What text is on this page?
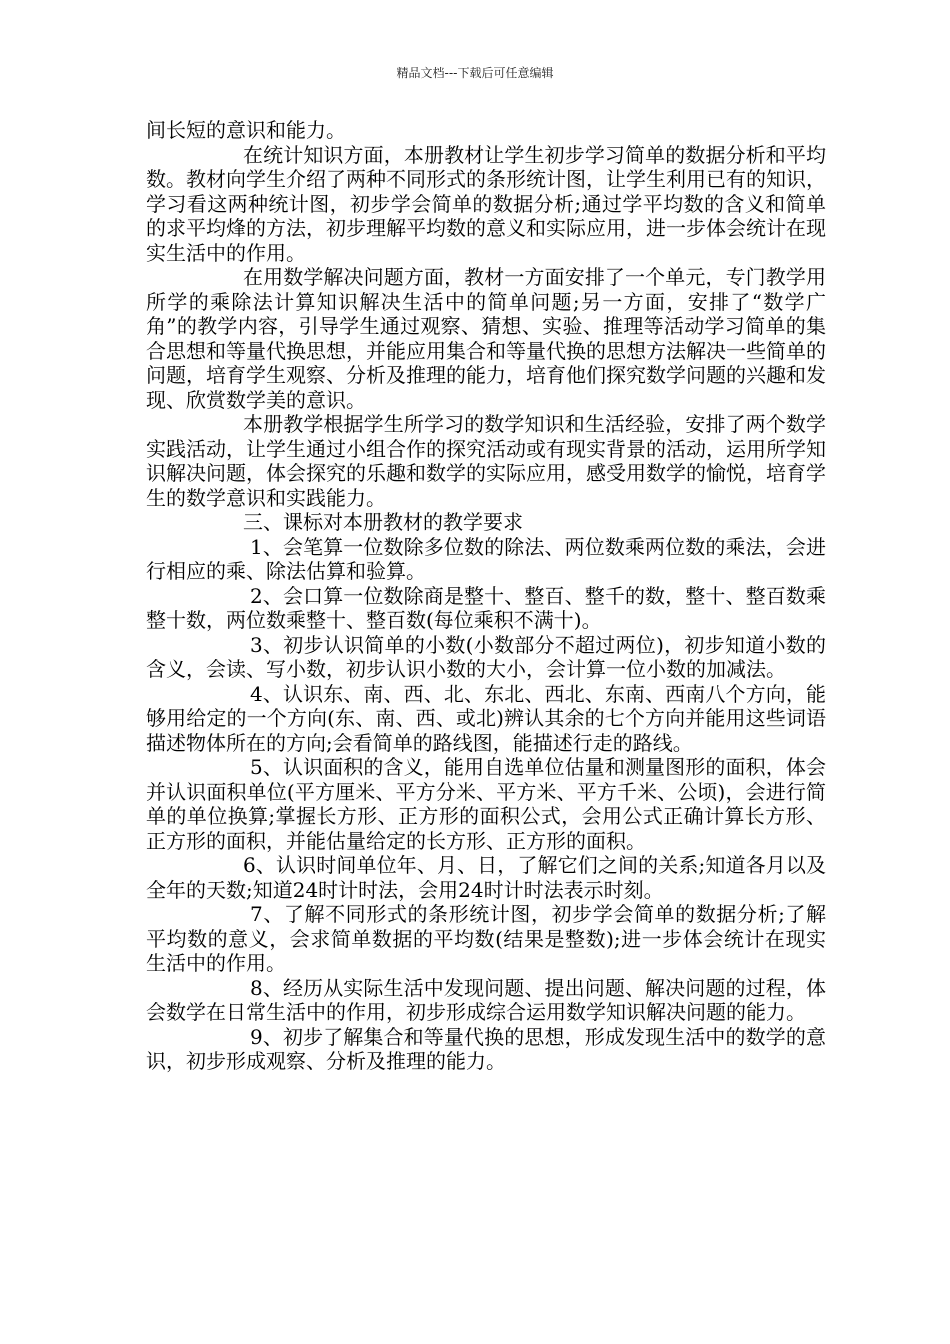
精品文档---下载后可任意编辑

间长短的意识和能力。

在统计知识方面，本册教材让学生初步学习简单的数据分析和平均数。教材向学生介绍了两种不同形式的条形统计图，让学生利用已有的知识，学习看这两种统计图，初步学会简单的数据分析;通过学平均数的含义和简单的求平均烽的方法，初步理解平均数的意义和实际应用，进一步体会统计在现实生活中的作用。

在用数学解决问题方面，教材一方面安排了一个单元，专门教学用所学的乘除法计算知识解决生活中的简单问题;另一方面，安排了“数学广角”的教学内容，引导学生通过观察、猜想、实验、推理等活动学习简单的集合思想和等量代换思想，并能应用集合和等量代换的思想方法解决一些简单的问题，培育学生观察、分析及推理的能力，培育他们探究数学问题的兴趣和发现、欣赏数学美的意识。

本册教学根据学生所学习的数学知识和生活经验，安排了两个数学实践活动，让学生通过小组合作的探究活动或有现实背景的活动，运用所学知识解决问题，体会探究的乐趣和数学的实际应用，感受用数学的愉悦，培育学生的数学意识和实践能力。

三、课标对本册教材的教学要求

1、会笔算一位数除多位数的除法、两位数乘两位数的乘法，会进行相应的乘、除法估算和验算。

2、会口算一位数除商是整十、整百、整千的数，整十、整百数乘整十数，两位数乘整十、整百数(每位乘积不满十)。

3、初步认识简单的小数(小数部分不超过两位)，初步知道小数的含义，会读、写小数，初步认识小数的大小，会计算一位小数的加减法。

4、认识东、南、西、北、东北、西北、东南、西南八个方向，能够用给定的一个方向(东、南、西、或北)辨认其余的七个方向并能用这些词语描述物体所在的方向;会看简单的路线图，能描述行走的路线。

5、认识面积的含义，能用自选单位估量和测量图形的面积，体会并认识面积单位(平方厘米、平方分米、平方米、平方千米、公顷)，会进行简单的单位换算;掌握长方形、正方形的面积公式，会用公式正确计算长方形、正方形的面积，并能估量给定的长方形、正方形的面积。

6、认识时间单位年、月、日，了解它们之间的关系;知道各月以及全年的天数;知道24时计时法，会用24时计时法表示时刻。

7、了解不同形式的条形统计图，初步学会简单的数据分析;了解平均数的意义，会求简单数据的平均数(结果是整数);进一步体会统计在现实生活中的作用。

8、经历从实际生活中发现问题、提出问题、解决问题的过程，体会数学在日常生活中的作用，初步形成综合运用数学知识解决问题的能力。

9、初步了解集合和等量代换的思想，形成发现生活中的数学的意识，初步形成观察、分析及推理的能力。
